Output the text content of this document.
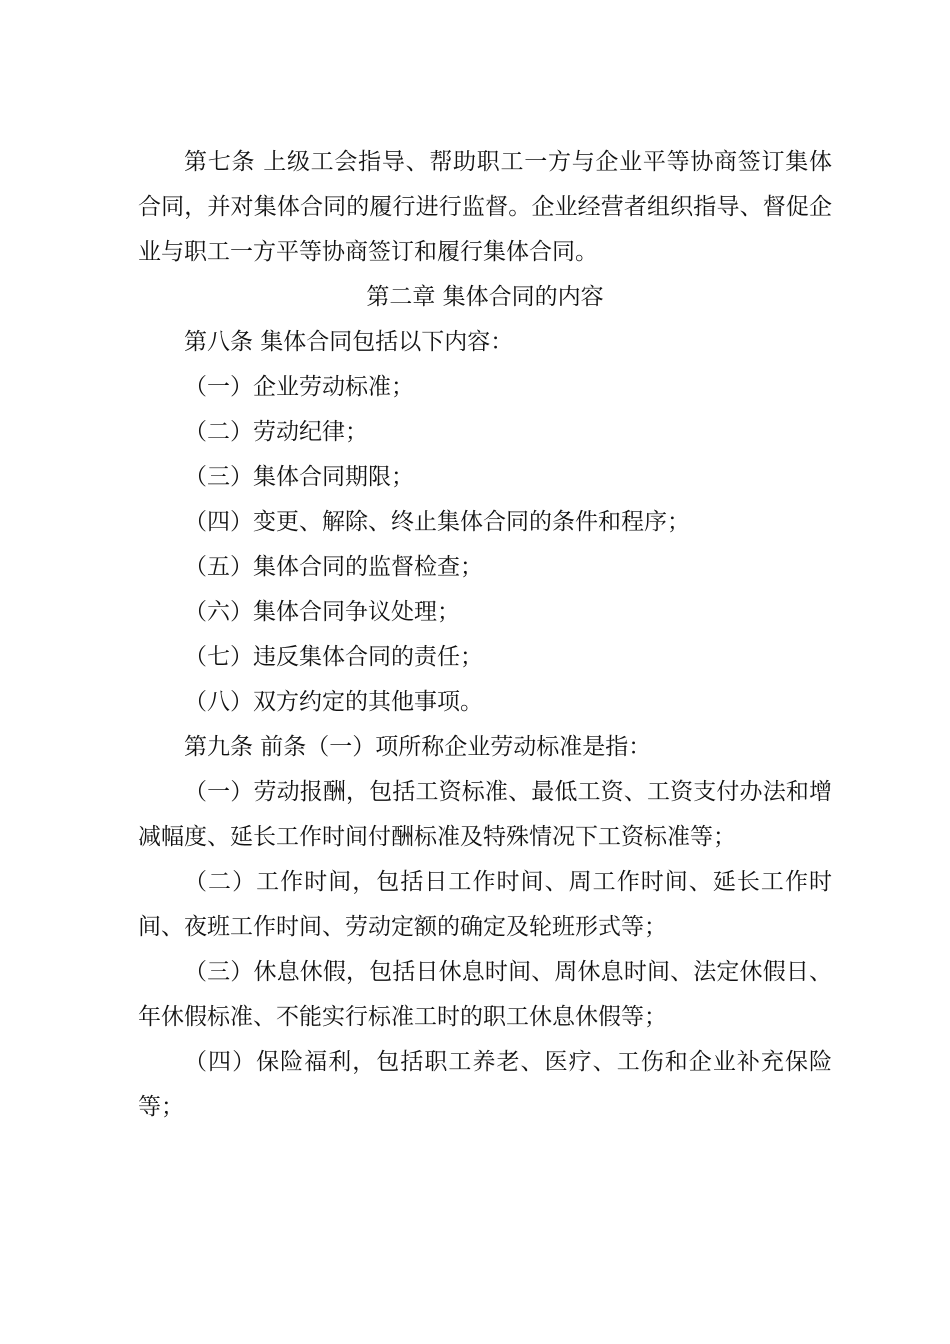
第七条 上级工会指导、帮助职工一方与企业平等协商签订集体合同，并对集体合同的履行进行监督。企业经营者组织指导、督促企业与职工一方平等协商签订和履行集体合同。

第二章 集体合同的内容

第八条 集体合同包括以下内容：

（一）企业劳动标准；

（二）劳动纪律；

（三）集体合同期限；

（四）变更、解除、终止集体合同的条件和程序；

（五）集体合同的监督检查；

（六）集体合同争议处理；

（七）违反集体合同的责任；

（八）双方约定的其他事项。

第九条 前条（一）项所称企业劳动标准是指：

（一）劳动报酬，包括工资标准、最低工资、工资支付办法和增减幅度、延长工作时间付酬标准及特殊情况下工资标准等；

（二）工作时间，包括日工作时间、周工作时间、延长工作时间、夜班工作时间、劳动定额的确定及轮班形式等；

（三）休息休假，包括日休息时间、周休息时间、法定休假日、年休假标准、不能实行标准工时的职工休息休假等；

（四）保险福利，包括职工养老、医疗、工伤和企业补充保险等；
